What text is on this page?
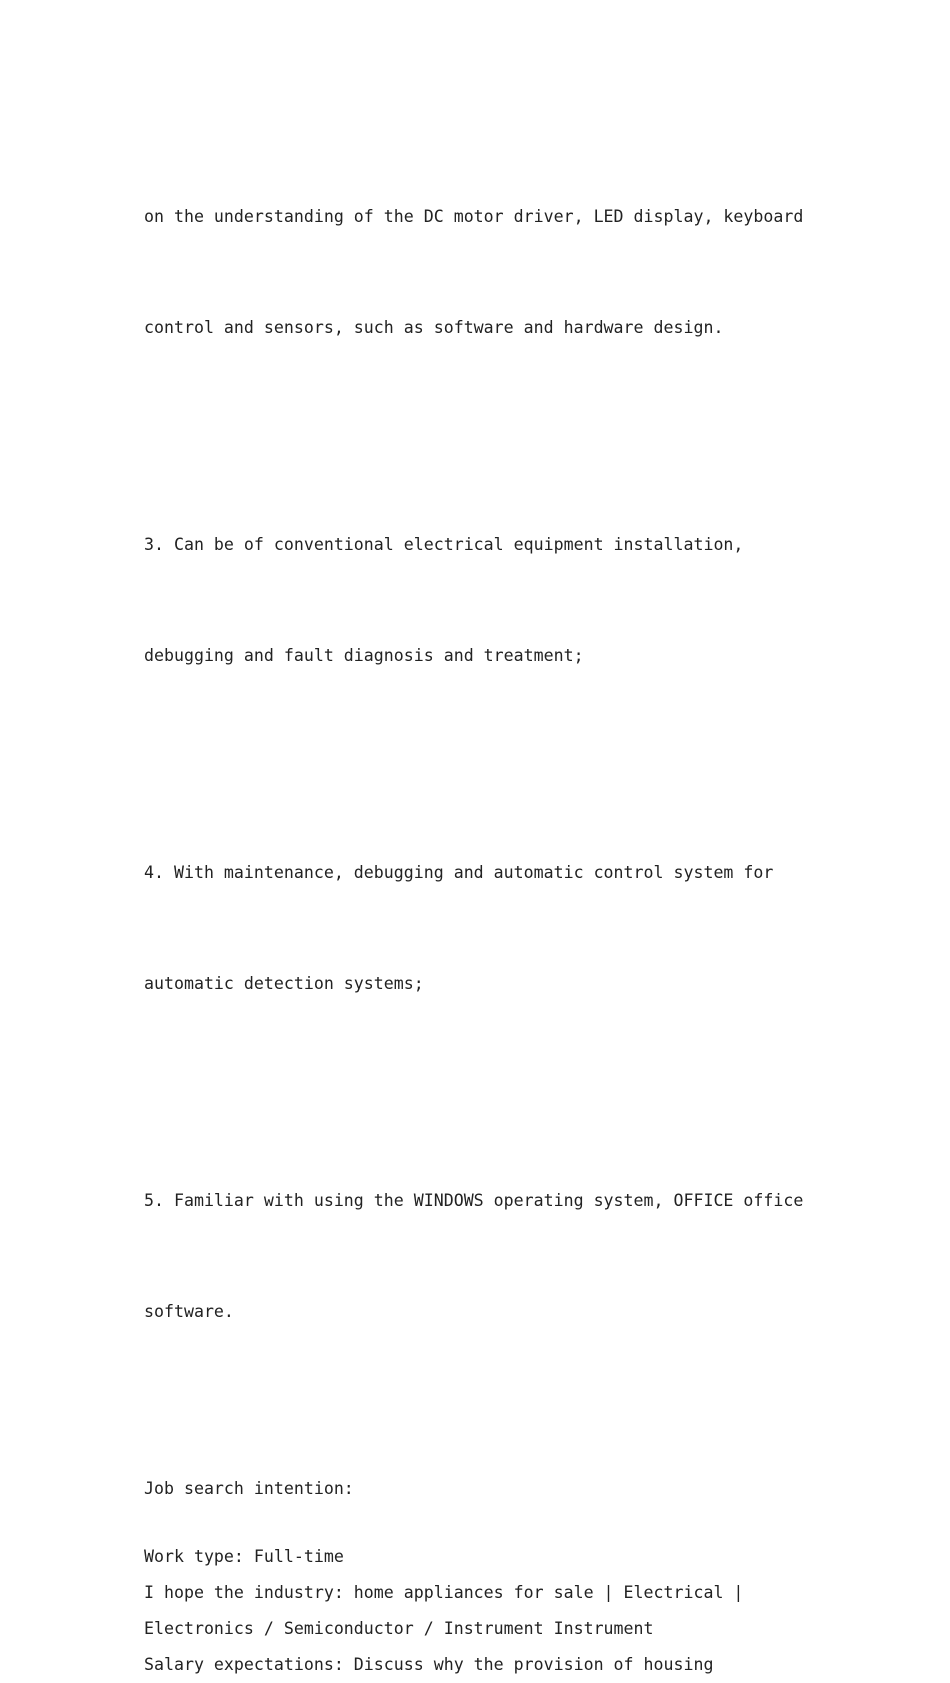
on the understanding of the DC motor driver, LED display, keyboard

control and sensors, such as software and hardware design.

3. Can be of conventional electrical equipment installation,

debugging and fault diagnosis and treatment;

4. With maintenance, debugging and automatic control system for

automatic detection systems;

5. Familiar with using the WINDOWS operating system, OFFICE office

software.

Job search intention:
Work type: Full-time
I hope the industry: home appliances for sale | Electrical |
Electronics / Semiconductor / Instrument Instrument
Salary expectations: Discuss why the provision of housing
